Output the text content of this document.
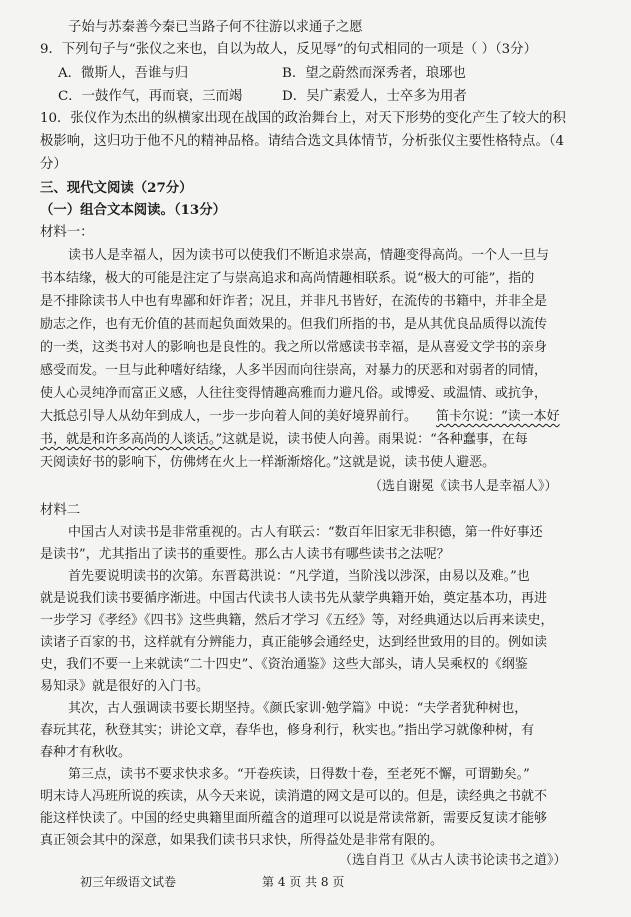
子始与苏秦善今秦已当路子何不往游以求通子之愿
9．下列句子与“张仪之来也，自以为故人，反见辱”的句式相同的一项是（ ）（3分）
A．微斯人，吾谁与归	B．望之蔚然而深秀者，琅琊也
C．一鼓作气，再而衰，三而竭	D．吴广素爱人，士卒多为用者
10．张仪作为杰出的纵横家出现在战国的政治舞台上，对天下形势的变化产生了较大的积
极影响，这归功于他不凡的精神品格。请结合选文具体情节，分析张仪主要性格特点。（4
分）
三、现代文阅读（27分）
（一）组合文本阅读。（13分）
材料一：
读书人是幸福人，因为读书可以使我们不断追求崇高，情趣变得高尚。一个人一旦与
书本结缘，极大的可能是注定了与崇高追求和高尚情趣相联系。说“极大的可能”，指的
是不排除读书人中也有卑鄙和奸诈者；况且，并非凡书皆好，在流传的书籍中，并非全是
励志之作，也有无价值的甚而起负面效果的。但我们所指的书，是从其优良品质得以流传
的一类，这类书对人的影响也是良性的。我之所以常感读书幸福，是从喜爱文学书的亲身
感受而发。一旦与此种嗜好结缘，人多半因而向往崇高，对暴力的厌恶和对弱者的同情，
使人心灵纯净而富正义感，人往往变得情趣高雅而力避凡俗。或博爱、或温情、或抗争，
大抵总引导人从幼年到成人，一步一步向着人间的美好境界前行。 笛卡尔说：“读一本好
书，就是和许多高尚的人谈话。”这就是说，读书使人向善。雨果说：“各种蠢事，在每
天阅读好书的影响下，仿佛烤在火上一样渐渐熔化。”这就是说，读书使人避恶。
（选自谢冕《读书人是幸福人》）
材料二
中国古人对读书是非常重视的。古人有联云：“数百年旧家无非积德，第一件好事还
是读书”，尤其指出了读书的重要性。那么古人读书有哪些读书之法呢？
首先要说明读书的次第。东晋葛洪说：“凡学道，当阶浅以涉深，由易以及难。”也
就是说我们读书要循序渐进。中国古代读书人读书先从蒙学典籍开始，奠定基本功，再进
一步学习《孝经》《四书》这些典籍，然后才学习《五经》等，对经典通达以后再来读史，
读诸子百家的书，这样就有分辨能力，真正能够会通经史，达到经世致用的目的。例如读
史，我们不要一上来就读“二十四史”、《资治通鉴》这些大部头，请人吴乘权的《纲鉴
易知录》就是很好的入门书。
其次，古人强调读书要长期坚持。《颜氏家训·勉学篇》中说：“夫学者犹种树也，
春玩其花，秋登其实；讲论文章，春华也，修身利行，秋实也。”指出学习就像种树，有
春种才有秋收。
第三点，读书不要求快求多。“开卷疾读，日得数十卷，至老死不懈，可谓勤矣。”
明末诗人冯班所说的疾读，从今天来说，读消遣的网文是可以的。但是，读经典之书就不
能这样快读了。中国的经史典籍里面所蕴含的道理可以说是常读常新，需要反复读才能够
真正领会其中的深意，如果我们读书只求快，所得益处是非常有限的。
初三年级语文试卷	第 4 页 共 8 页
（选自肖卫《从古人读书论读书之道》）
